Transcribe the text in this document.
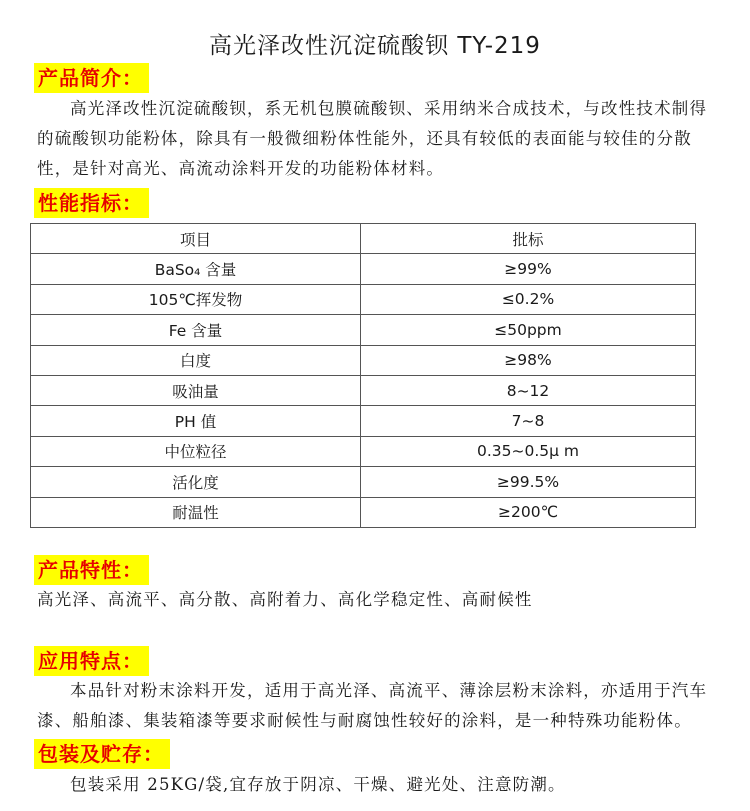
高光泽改性沉淀硫酸钡 TY-219
产品简介：
高光泽改性沉淀硫酸钡，系无机包膜硫酸钡、采用纳米合成技术，与改性技术制得的硫酸钡功能粉体，除具有一般微细粉体性能外，还具有较低的表面能与较佳的分散性，是针对高光、高流动涂料开发的功能粉体材料。
性能指标：
项目	批标
BaSo₄ 含量	≥99%
105℃挥发物	≤0.2%
Fe 含量	≤50ppm
白度	≥98%
吸油量	8~12
PH 值	7~8
中位粒径	0.35~0.5μ m
活化度	≥99.5%
耐温性	≥200℃
产品特性：
高光泽、高流平、高分散、高附着力、高化学稳定性、高耐候性
应用特点：
本品针对粉末涂料开发，适用于高光泽、高流平、薄涂层粉末涂料，亦适用于汽车漆、船舶漆、集装箱漆等要求耐候性与耐腐蚀性较好的涂料，是一种特殊功能粉体。
包装及贮存：
包装采用 25KG/袋,宜存放于阴凉、干燥、避光处、注意防潮。
